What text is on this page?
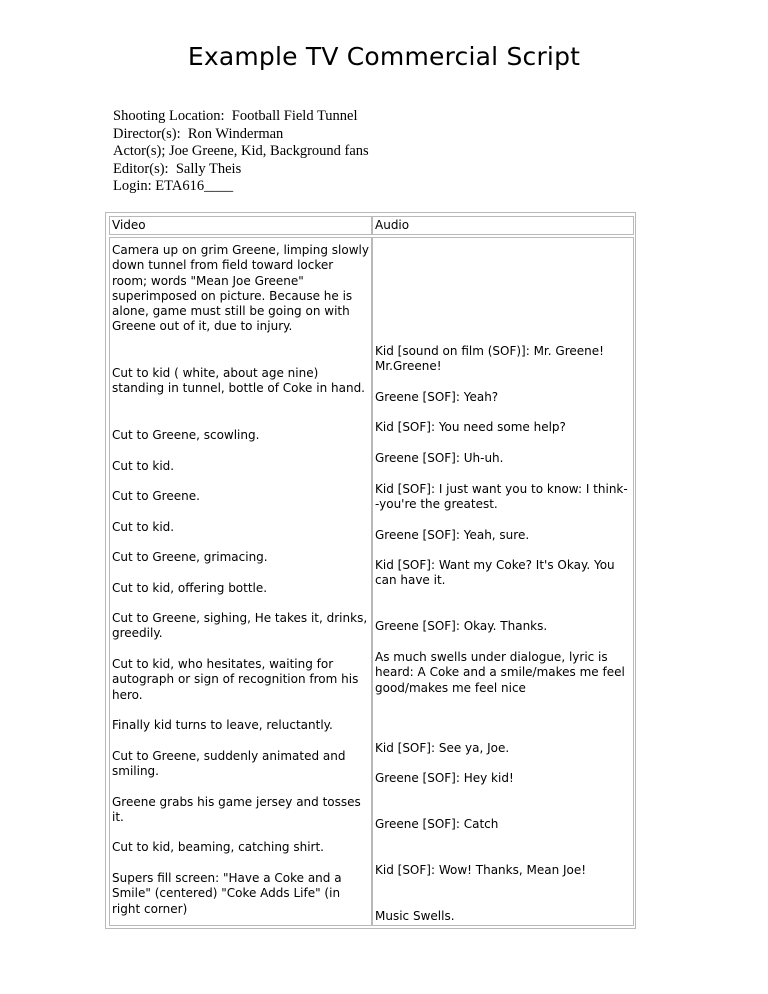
Example TV Commercial Script
Shooting Location:  Football Field Tunnel
Director(s):  Ron Winderman
Actor(s); Joe Greene, Kid, Background fans
Editor(s):  Sally Theis
Login: ETA616____
Video	Audio
Camera up on grim Greene, limping slowly down tunnel from field toward locker room; words "Mean Joe Greene" superimposed on picture. Because he is alone, game must still be going on with Greene out of it, due to injury.
Cut to kid ( white, about age nine) standing in tunnel, bottle of Coke in hand.
Cut to Greene, scowling.
Cut to kid.
Cut to Greene.
Cut to kid.
Cut to Greene, grimacing.
Cut to kid, offering bottle.
Cut to Greene, sighing, He takes it, drinks, greedily.
Cut to kid, who hesitates, waiting for autograph or sign of recognition from his hero.
Finally kid turns to leave, reluctantly.
Cut to Greene, suddenly animated and smiling.
Greene grabs his game jersey and tosses it.
Cut to kid, beaming, catching shirt.
Supers fill screen: "Have a Coke and a Smile" (centered) "Coke Adds Life" (in right corner)
Kid [sound on film (SOF)]: Mr. Greene! Mr.Greene!
Greene [SOF]: Yeah?
Kid [SOF]: You need some help?
Greene [SOF]: Uh-uh.
Kid [SOF]: I just want you to know: I think--you're the greatest.
Greene [SOF]: Yeah, sure.
Kid [SOF]: Want my Coke? It's Okay. You can have it.
Greene [SOF]: Okay. Thanks.
As much swells under dialogue, lyric is heard: A Coke and a smile/makes me feel good/makes me feel nice
Kid [SOF]: See ya, Joe.
Greene [SOF]: Hey kid!
Greene [SOF]: Catch
Kid [SOF]: Wow! Thanks, Mean Joe!
Music Swells.
